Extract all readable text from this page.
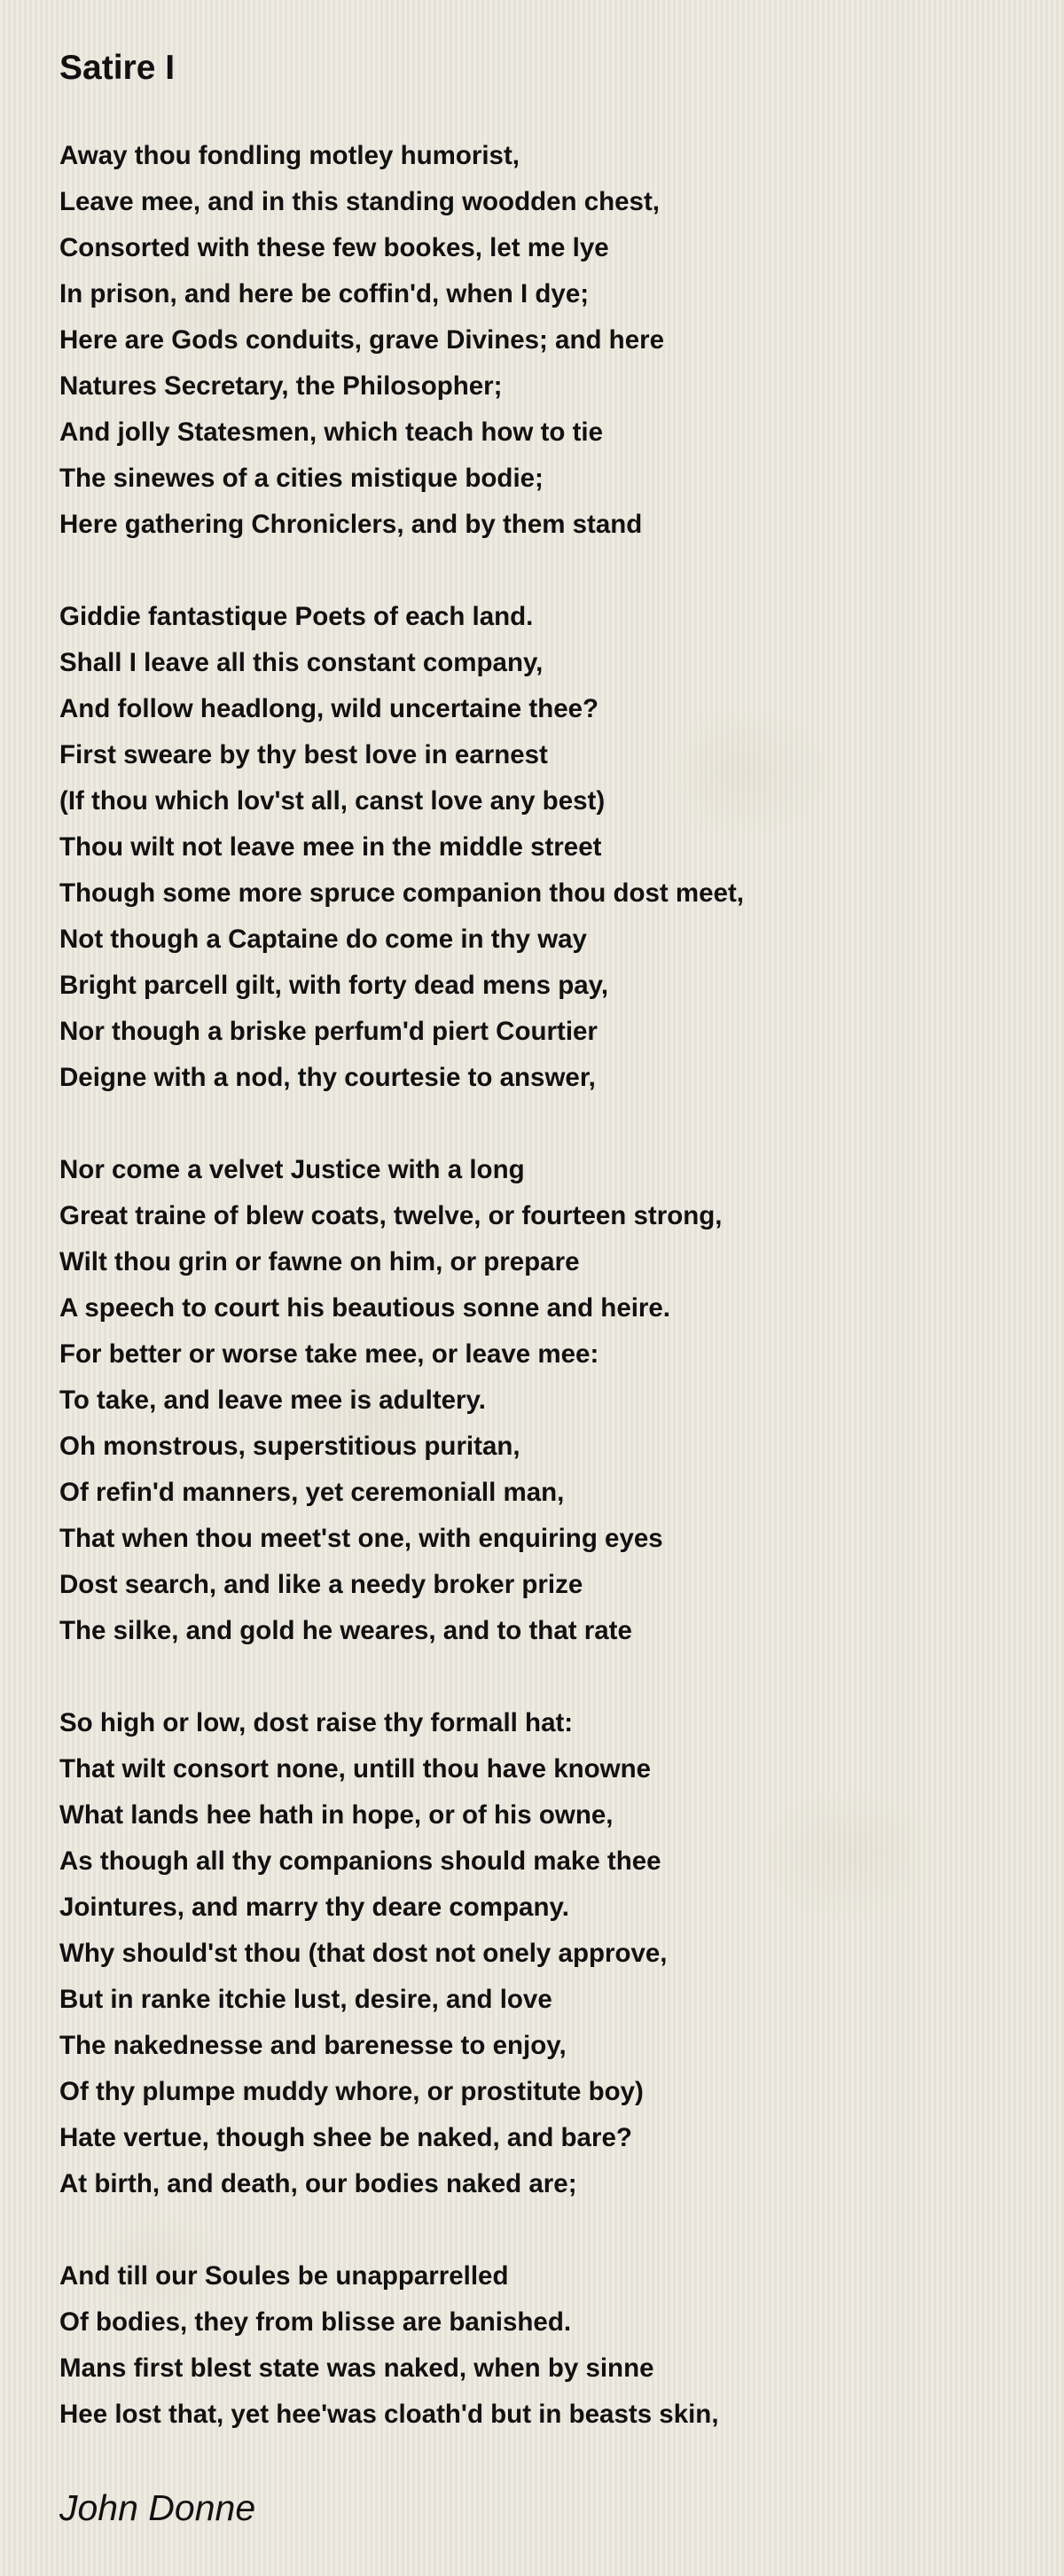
Satire I
Away thou fondling motley humorist,
Leave mee, and in this standing woodden chest,
Consorted with these few bookes, let me lye
In prison, and here be coffin'd, when I dye;
Here are Gods conduits, grave Divines; and here
Natures Secretary, the Philosopher;
And jolly Statesmen, which teach how to tie
The sinewes of a cities mistique bodie;
Here gathering Chroniclers, and by them stand
Giddie fantastique Poets of each land.
Shall I leave all this constant company,
And follow headlong, wild uncertaine thee?
First sweare by thy best love in earnest
(If thou which lov'st all, canst love any best)
Thou wilt not leave mee in the middle street
Though some more spruce companion thou dost meet,
Not though a Captaine do come in thy way
Bright parcell gilt, with forty dead mens pay,
Nor though a briske perfum'd piert Courtier
Deigne with a nod, thy courtesie to answer,
Nor come a velvet Justice with a long
Great traine of blew coats, twelve, or fourteen strong,
Wilt thou grin or fawne on him, or prepare
A speech to court his beautious sonne and heire.
For better or worse take mee, or leave mee:
To take, and leave mee is adultery.
Oh monstrous, superstitious puritan,
Of refin'd manners, yet ceremoniall man,
That when thou meet'st one, with enquiring eyes
Dost search, and like a needy broker prize
The silke, and gold he weares, and to that rate
So high or low, dost raise thy formall hat:
That wilt consort none, untill thou have knowne
What lands hee hath in hope, or of his owne,
As though all thy companions should make thee
Jointures, and marry thy deare company.
Why should'st thou (that dost not onely approve,
But in ranke itchie lust, desire, and love
The nakednesse and barenesse to enjoy,
Of thy plumpe muddy whore, or prostitute boy)
Hate vertue, though shee be naked, and bare?
At birth, and death, our bodies naked are;
And till our Soules be unapparrelled
Of bodies, they from blisse are banished.
Mans first blest state was naked, when by sinne
Hee lost that, yet hee'was cloath'd but in beasts skin,
John Donne
